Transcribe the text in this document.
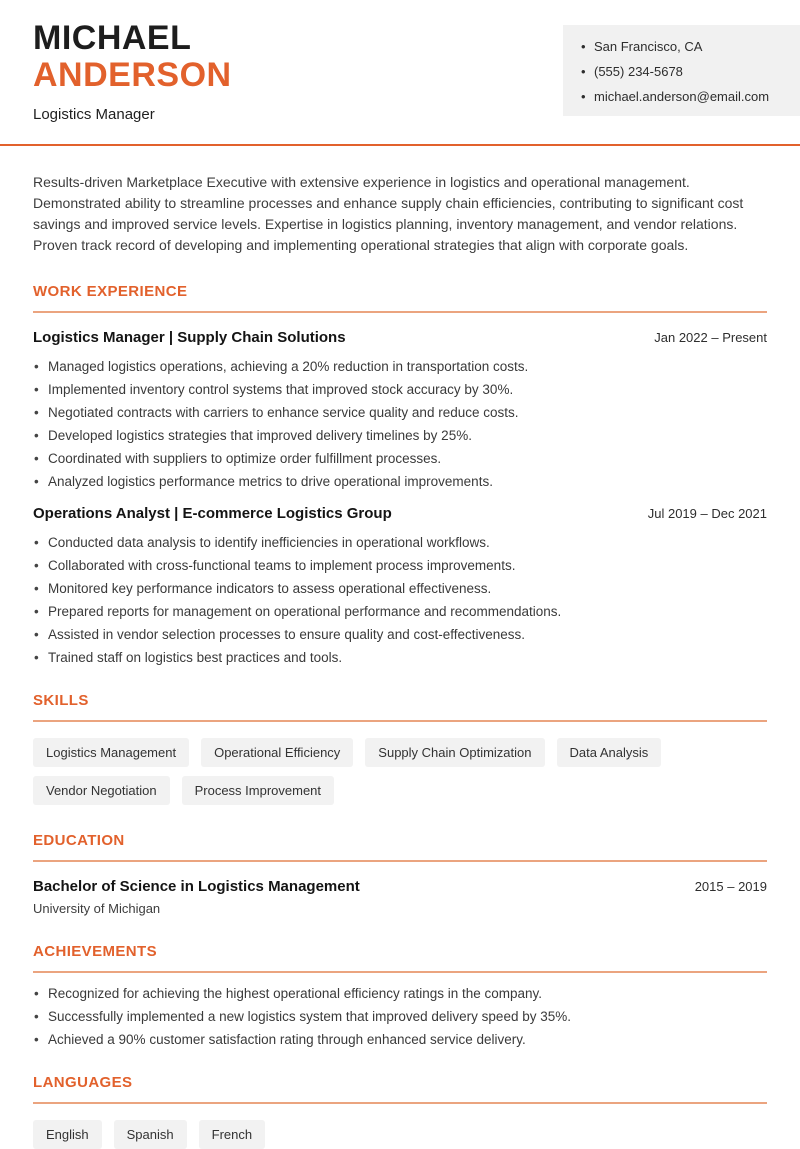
MICHAEL
ANDERSON
Logistics Manager
• San Francisco, CA
• (555) 234-5678
• michael.anderson@email.com

Results-driven Marketplace Executive with extensive experience in logistics and operational management. Demonstrated ability to streamline processes and enhance supply chain efficiencies, contributing to significant cost savings and improved service levels. Expertise in logistics planning, inventory management, and vendor relations. Proven track record of developing and implementing operational strategies that align with corporate goals.

WORK EXPERIENCE
Logistics Manager | Supply Chain Solutions	Jan 2022 – Present
• Managed logistics operations, achieving a 20% reduction in transportation costs.
• Implemented inventory control systems that improved stock accuracy by 30%.
• Negotiated contracts with carriers to enhance service quality and reduce costs.
• Developed logistics strategies that improved delivery timelines by 25%.
• Coordinated with suppliers to optimize order fulfillment processes.
• Analyzed logistics performance metrics to drive operational improvements.
Operations Analyst | E-commerce Logistics Group	Jul 2019 – Dec 2021
• Conducted data analysis to identify inefficiencies in operational workflows.
• Collaborated with cross-functional teams to implement process improvements.
• Monitored key performance indicators to assess operational effectiveness.
• Prepared reports for management on operational performance and recommendations.
• Assisted in vendor selection processes to ensure quality and cost-effectiveness.
• Trained staff on logistics best practices and tools.
SKILLS
Logistics Management	Operational Efficiency	Supply Chain Optimization	Data Analysis
Vendor Negotiation	Process Improvement
EDUCATION
Bachelor of Science in Logistics Management	2015 – 2019
University of Michigan
ACHIEVEMENTS
• Recognized for achieving the highest operational efficiency ratings in the company.
• Successfully implemented a new logistics system that improved delivery speed by 35%.
• Achieved a 90% customer satisfaction rating through enhanced service delivery.
LANGUAGES
English	Spanish	French
